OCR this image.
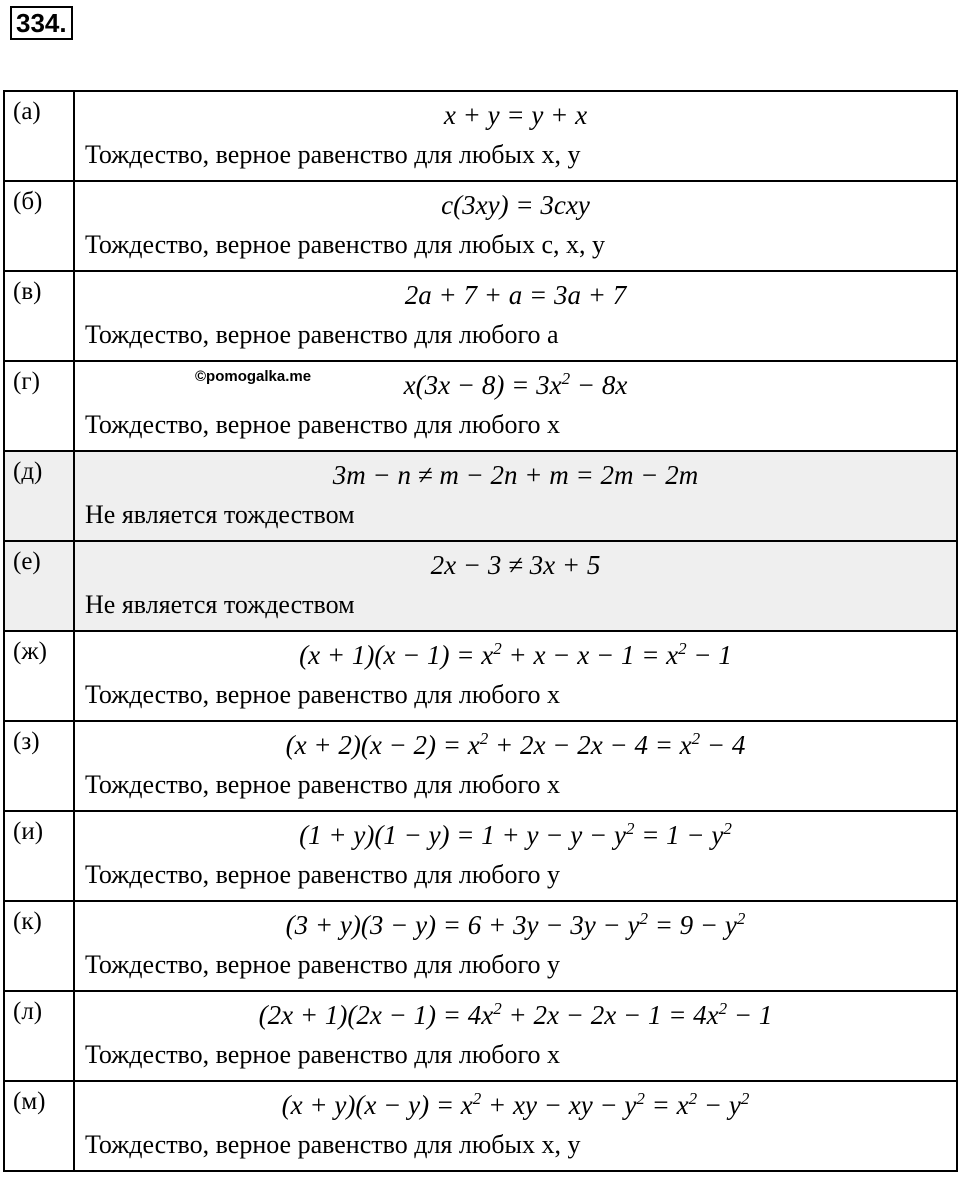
334.
(а)	x + y = y + x
Тождество, верное равенство для любых x, y

(б)	c(3xy) = 3cxy
Тождество, верное равенство для любых c, x, y

(в)	2a + 7 + a = 3a + 7
Тождество, верное равенство для любого a

(г)	$x(3x - 8) = 3x^2 - 8x$
Тождество, верное равенство для любого x
©pomogalka.me

(д)	3m − n ≠ m − 2n + m = 2m − 2m
Не является тождеством

(е)	2x − 3 ≠ 3x + 5
Не является тождеством

(ж)	$(x + 1)(x - 1) = x^2 + x - x - 1 = x^2 - 1$
Тождество, верное равенство для любого x

(з)	$(x + 2)(x - 2) = x^2 + 2x - 2x - 4 = x^2 - 4$
Тождество, верное равенство для любого x

(и)	$(1 + y)(1 - y) = 1 + y - y - y^2 = 1 - y^2$
Тождество, верное равенство для любого y

(к)	$(3 + y)(3 - y) = 6 + 3y - 3y - y^2 = 9 - y^2$
Тождество, верное равенство для любого y

(л)	$(2x + 1)(2x - 1) = 4x^2 + 2x - 2x - 1 = 4x^2 - 1$
Тождество, верное равенство для любого x

(м)	$(x + y)(x - y) = x^2$ + xy − xy − $y^2 = x^2 - y^2$
Тождество, верное равенство для любых x, y
